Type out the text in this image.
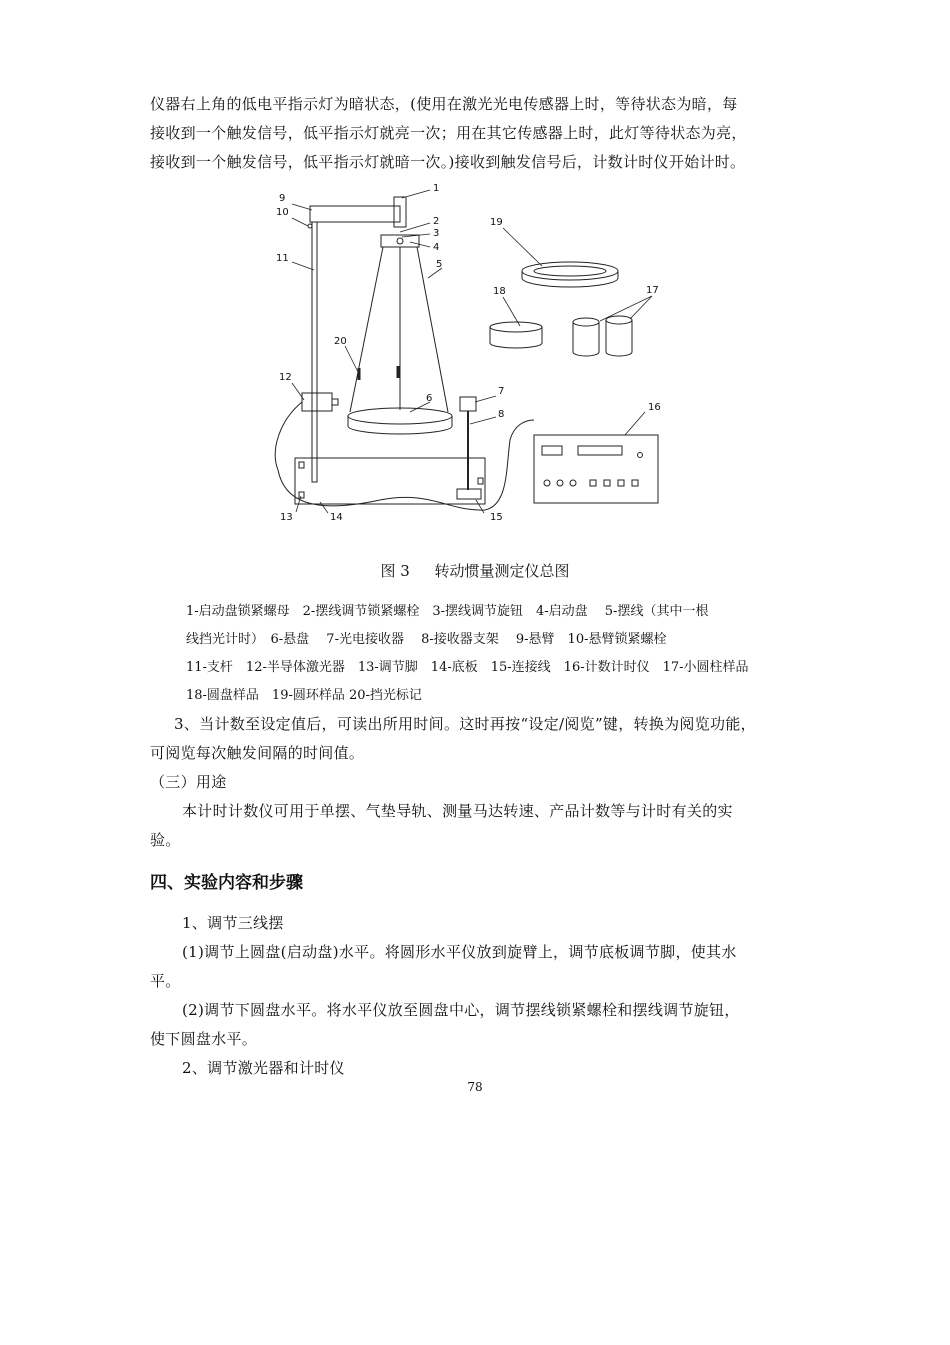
仪器右上角的低电平指示灯为暗状态，(使用在激光光电传感器上时，等待状态为暗，每
接收到一个触发信号，低平指示灯就亮一次；用在其它传感器上时，此灯等待状态为亮，
接收到一个触发信号，低平指示灯就暗一次。)接收到触发信号后，计数计时仪开始计时。
1
2
3
4
5
6
7
8
9
10
11
12
13	14	15
16
17
18
19
20
图 3 转动惯量测定仪总图
1-启动盘锁紧螺母　2-摆线调节锁紧螺栓　3-摆线调节旋钮　4-启动盘　 5-摆线（其中一根
线挡光计时）　6-悬盘　 7-光电接收器　 8-接收器支架　 9-悬臂　10-悬臂锁紧螺栓
11-支杆　12-半导体激光器　13-调节脚　14-底板　15-连接线　16-计数计时仪　17-小圆柱样品
18-圆盘样品　19-圆环样品 20-挡光标记
3、当计数至设定值后，可读出所用时间。这时再按“设定/阅览”键，转换为阅览功能，
可阅览每次触发间隔的时间值。
（三）用途
本计时计数仪可用于单摆、气垫导轨、测量马达转速、产品计数等与计时有关的实
验。
四、实验内容和步骤
1、调节三线摆
(1)调节上圆盘(启动盘)水平。将圆形水平仪放到旋臂上，调节底板调节脚，使其水
平。
(2)调节下圆盘水平。将水平仪放至圆盘中心，调节摆线锁紧螺栓和摆线调节旋钮，
使下圆盘水平。
2、调节激光器和计时仪
78
